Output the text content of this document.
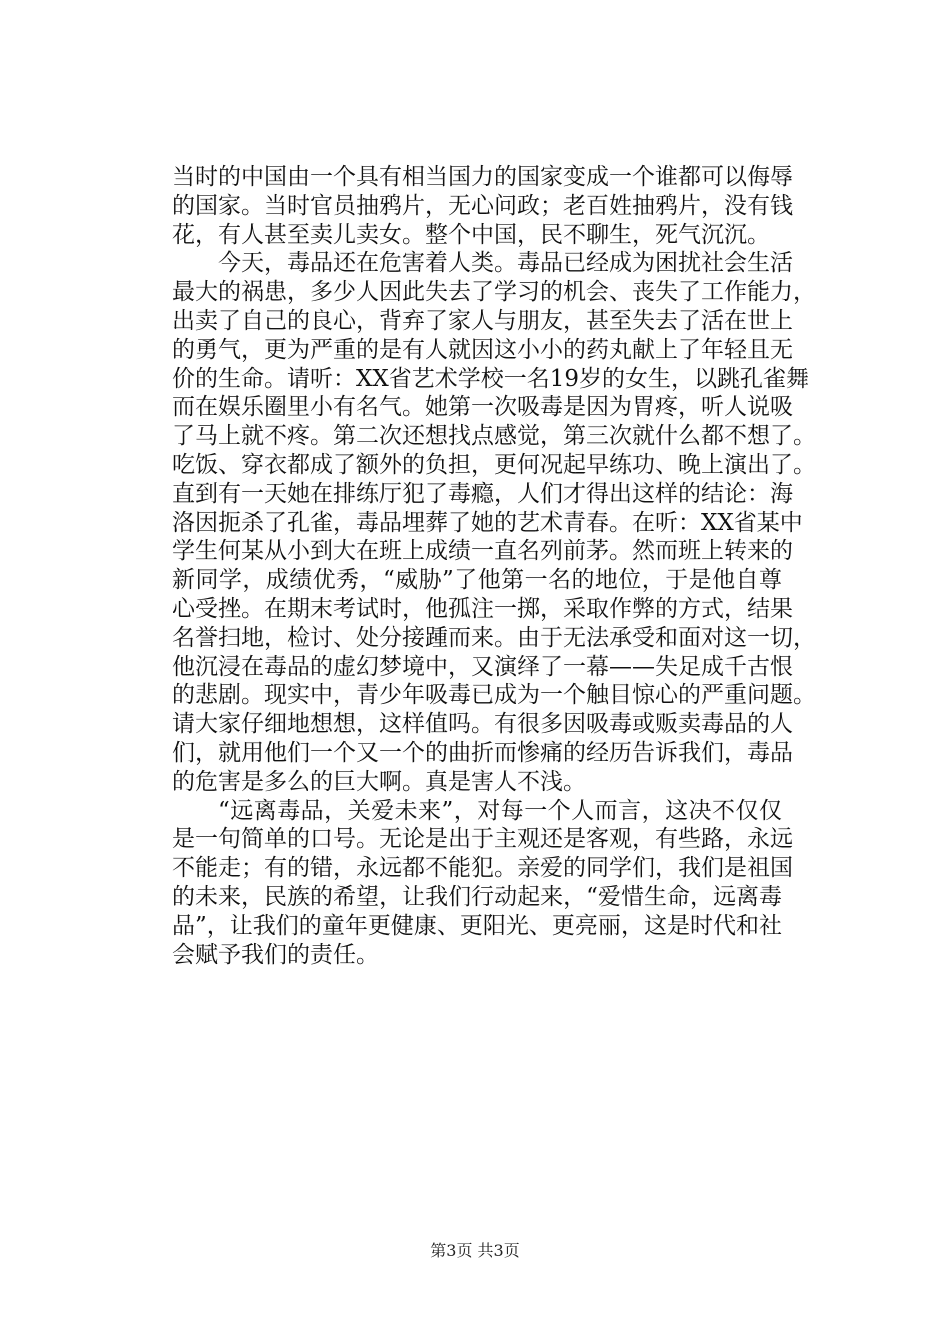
当时的中国由一个具有相当国力的国家变成一个谁都可以侮辱
的国家。当时官员抽鸦片，无心问政；老百姓抽鸦片，没有钱
花，有人甚至卖儿卖女。整个中国，民不聊生，死气沉沉。
今天，毒品还在危害着人类。毒品已经成为困扰社会生活
最大的祸患，多少人因此失去了学习的机会、丧失了工作能力，
出卖了自己的良心，背弃了家人与朋友，甚至失去了活在世上
的勇气，更为严重的是有人就因这小小的药丸献上了年轻且无
价的生命。请听：XX省艺术学校一名19岁的女生，以跳孔雀舞
而在娱乐圈里小有名气。她第一次吸毒是因为胃疼，听人说吸
了马上就不疼。第二次还想找点感觉，第三次就什么都不想了。
吃饭、穿衣都成了额外的负担，更何况起早练功、晚上演出了。
直到有一天她在排练厅犯了毒瘾，人们才得出这样的结论：海
洛因扼杀了孔雀，毒品埋葬了她的艺术青春。在听：XX省某中
学生何某从小到大在班上成绩一直名列前茅。然而班上转来的
新同学，成绩优秀，“威胁”了他第一名的地位，于是他自尊
心受挫。在期末考试时，他孤注一掷，采取作弊的方式，结果
名誉扫地，检讨、处分接踵而来。由于无法承受和面对这一切，
他沉浸在毒品的虚幻梦境中，又演绎了一幕——失足成千古恨
的悲剧。现实中，青少年吸毒已成为一个触目惊心的严重问题。
请大家仔细地想想，这样值吗。有很多因吸毒或贩卖毒品的人
们，就用他们一个又一个的曲折而惨痛的经历告诉我们，毒品
的危害是多么的巨大啊。真是害人不浅。
“远离毒品，关爱未来”，对每一个人而言，这决不仅仅
是一句简单的口号。无论是出于主观还是客观，有些路，永远
不能走；有的错，永远都不能犯。亲爱的同学们，我们是祖国
的未来，民族的希望，让我们行动起来，“爱惜生命，远离毒
品”，让我们的童年更健康、更阳光、更亮丽，这是时代和社
会赋予我们的责任。
第3页 共3页
